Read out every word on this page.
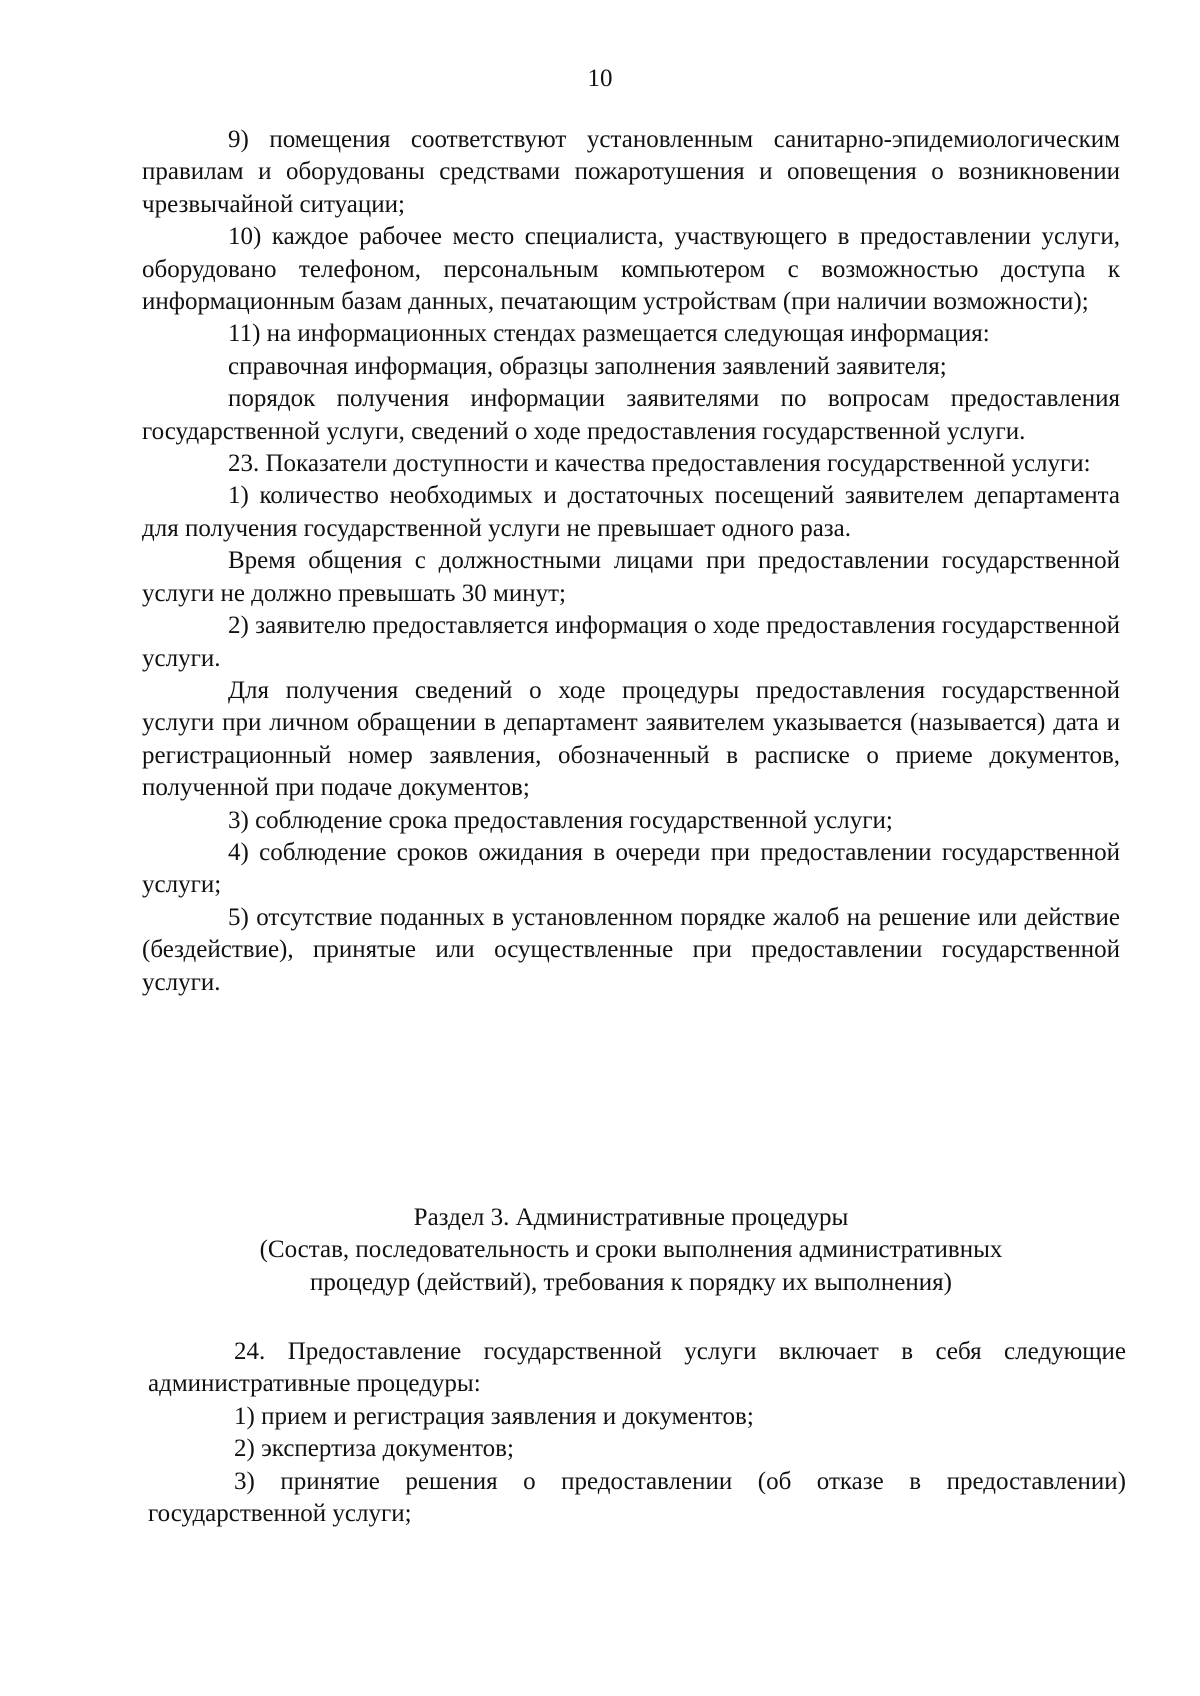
10

9) помещения соответствуют установленным санитарно-эпидемиологическим правилам и оборудованы средствами пожаротушения и оповещения о возникновении чрезвычайной ситуации;

10) каждое рабочее место специалиста, участвующего в предоставлении услуги, оборудовано телефоном, персональным компьютером с возможностью доступа к информационным базам данных, печатающим устройствам (при наличии возможности);

11) на информационных стендах размещается следующая информация:

справочная информация, образцы заполнения заявлений заявителя;

порядок получения информации заявителями по вопросам предоставления государственной услуги, сведений о ходе предоставления государственной услуги.

23. Показатели доступности и качества предоставления государственной услуги:

1) количество необходимых и достаточных посещений заявителем департамента для получения государственной услуги не превышает одного раза.

Время общения с должностными лицами при предоставлении государственной услуги не должно превышать 30 минут;

2) заявителю предоставляется информация о ходе предоставления государственной услуги.

Для получения сведений о ходе процедуры предоставления государственной услуги при личном обращении в департамент заявителем указывается (называется) дата и регистрационный номер заявления, обозначенный в расписке о приеме документов, полученной при подаче документов;

3) соблюдение срока предоставления государственной услуги;

4) соблюдение сроков ожидания в очереди при предоставлении государственной услуги;

5) отсутствие поданных в установленном порядке жалоб на решение или действие (бездействие), принятые или осуществленные при предоставлении государственной услуги.

Раздел 3. Административные процедуры

(Состав, последовательность и сроки выполнения административных процедур (действий), требования к порядку их выполнения)

24. Предоставление государственной услуги включает в себя следующие административные процедуры:

1) прием и регистрация заявления и документов;

2) экспертиза документов;

3) принятие решения о предоставлении (об отказе в предоставлении) государственной услуги;
